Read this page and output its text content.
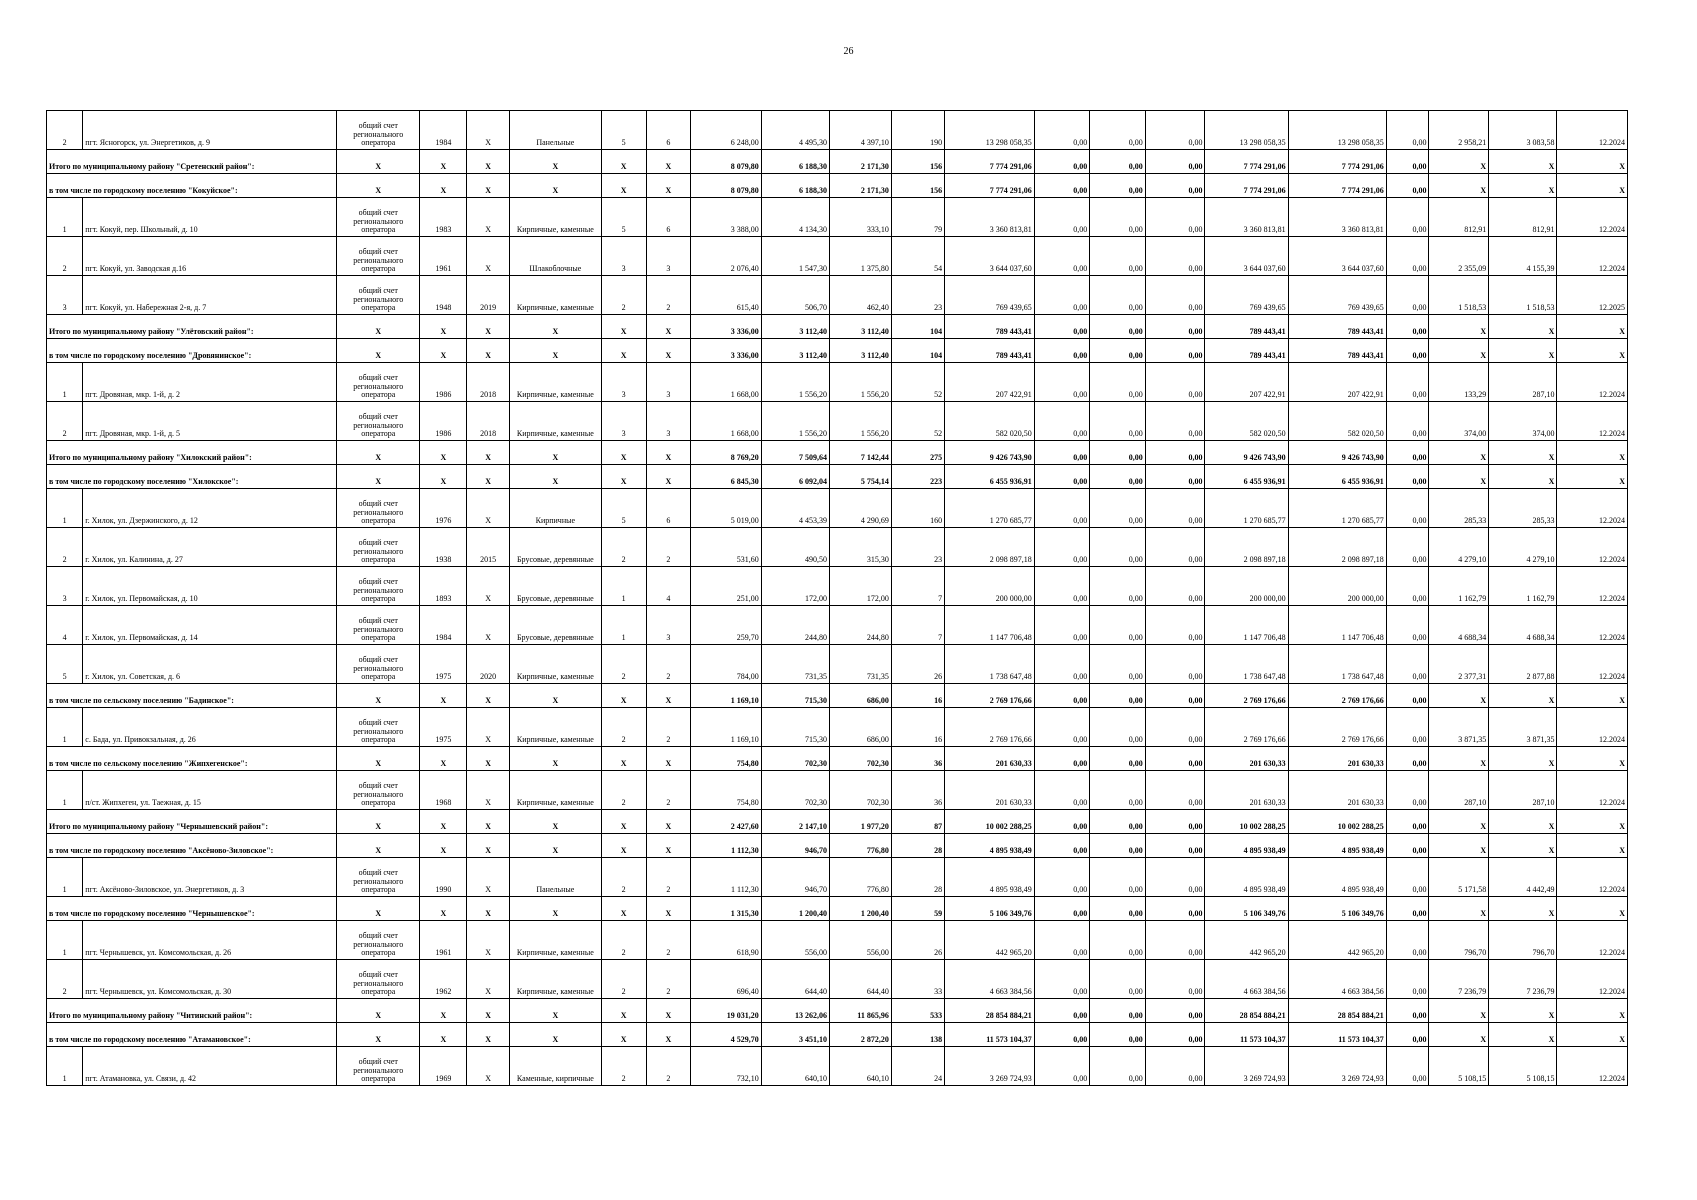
26
2	пгт. Ясногорск, ул. Энергетиков, д. 9	общий счет регионального оператора	1984	X	Панельные	5	6	6 248,00	4 495,30	4 397,10	190	13 298 058,35	0,00	0,00	0,00	13 298 058,35	13 298 058,35	0,00	2 958,21	3 083,58	12.2024
Итого по муниципальному району "Сретенский район":		X	X	X	X	X	X	8 079,80	6 188,30	2 171,30	156	7 774 291,06	0,00	0,00	0,00	7 774 291,06	7 774 291,06	0,00	X	X	X
в том числе по городскому поселению "Кокуйское":		X	X	X	X	X	X	8 079,80	6 188,30	2 171,30	156	7 774 291,06	0,00	0,00	0,00	7 774 291,06	7 774 291,06	0,00	X	X	X
1	пгт. Кокуй, пер. Школьный, д. 10	общий счет регионального оператора	1983	X	Кирпичные, каменные	5	6	3 388,00	4 134,30	333,10	79	3 360 813,81	0,00	0,00	0,00	3 360 813,81	3 360 813,81	0,00	812,91	812,91	12.2024
2	пгт. Кокуй, ул. Заводская д.16	общий счет регионального оператора	1961	X	Шлакоблочные	3	3	2 076,40	1 547,30	1 375,80	54	3 644 037,60	0,00	0,00	0,00	3 644 037,60	3 644 037,60	0,00	2 355,09	4 155,39	12.2024
3	пгт. Кокуй, ул. Набережная 2-я, д. 7	общий счет регионального оператора	1948	2019	Кирпичные, каменные	2	2	615,40	506,70	462,40	23	769 439,65	0,00	0,00	0,00	769 439,65	769 439,65	0,00	1 518,53	1 518,53	12.2025
Итого по муниципальному району "Улётовский район":		X	X	X	X	X	X	3 336,00	3 112,40	3 112,40	104	789 443,41	0,00	0,00	0,00	789 443,41	789 443,41	0,00	X	X	X
в том числе по городскому поселению "Дровянинское":		X	X	X	X	X	X	3 336,00	3 112,40	3 112,40	104	789 443,41	0,00	0,00	0,00	789 443,41	789 443,41	0,00	X	X	X
1	пгт. Дровяная, мкр. 1-й, д. 2	общий счет регионального оператора	1986	2018	Кирпичные, каменные	3	3	1 668,00	1 556,20	1 556,20	52	207 422,91	0,00	0,00	0,00	207 422,91	207 422,91	0,00	133,29	287,10	12.2024
2	пгт. Дровяная, мкр. 1-й, д. 5	общий счет регионального оператора	1986	2018	Кирпичные, каменные	3	3	1 668,00	1 556,20	1 556,20	52	582 020,50	0,00	0,00	0,00	582 020,50	582 020,50	0,00	374,00	374,00	12.2024
Итого по муниципальному району "Хилокский район":		X	X	X	X	X	X	8 769,20	7 509,64	7 142,44	275	9 426 743,90	0,00	0,00	0,00	9 426 743,90	9 426 743,90	0,00	X	X	X
в том числе по городскому поселению "Хилокское":		X	X	X	X	X	X	6 845,30	6 092,04	5 754,14	223	6 455 936,91	0,00	0,00	0,00	6 455 936,91	6 455 936,91	0,00	X	X	X
1	г. Хилок, ул. Дзержинского, д. 12	общий счет регионального оператора	1976	X	Кирпичные	5	6	5 019,00	4 453,39	4 290,69	160	1 270 685,77	0,00	0,00	0,00	1 270 685,77	1 270 685,77	0,00	285,33	285,33	12.2024
2	г. Хилок, ул. Калинина, д. 27	общий счет регионального оператора	1938	2015	Брусовые, деревянные	2	2	531,60	490,50	315,30	23	2 098 897,18	0,00	0,00	0,00	2 098 897,18	2 098 897,18	0,00	4 279,10	4 279,10	12.2024
3	г. Хилок, ул. Первомайская, д. 10	общий счет регионального оператора	1893	X	Брусовые, деревянные	1	4	251,00	172,00	172,00	7	200 000,00	0,00	0,00	0,00	200 000,00	200 000,00	0,00	1 162,79	1 162,79	12.2024
4	г. Хилок, ул. Первомайская, д. 14	общий счет регионального оператора	1984	X	Брусовые, деревянные	1	3	259,70	244,80	244,80	7	1 147 706,48	0,00	0,00	0,00	1 147 706,48	1 147 706,48	0,00	4 688,34	4 688,34	12.2024
5	г. Хилок, ул. Советская, д. 6	общий счет регионального оператора	1975	2020	Кирпичные, каменные	2	2	784,00	731,35	731,35	26	1 738 647,48	0,00	0,00	0,00	1 738 647,48	1 738 647,48	0,00	2 377,31	2 877,88	12.2024
в том числе по сельскому поселению "Бадинское":		X	X	X	X	X	X	1 169,10	715,30	686,00	16	2 769 176,66	0,00	0,00	0,00	2 769 176,66	2 769 176,66	0,00	X	X	X
1	с. Бада, ул. Привокзальная, д. 26	общий счет регионального оператора	1975	X	Кирпичные, каменные	2	2	1 169,10	715,30	686,00	16	2 769 176,66	0,00	0,00	0,00	2 769 176,66	2 769 176,66	0,00	3 871,35	3 871,35	12.2024
в том числе по сельскому поселению "Жипхегенское":		X	X	X	X	X	X	754,80	702,30	702,30	36	201 630,33	0,00	0,00	0,00	201 630,33	201 630,33	0,00	X	X	X
1	п/ст. Жипхеген, ул. Таежная, д. 15	общий счет регионального оператора	1968	X	Кирпичные, каменные	2	2	754,80	702,30	702,30	36	201 630,33	0,00	0,00	0,00	201 630,33	201 630,33	0,00	287,10	287,10	12.2024
Итого по муниципальному району "Чернышевский район":		X	X	X	X	X	X	2 427,60	2 147,10	1 977,20	87	10 002 288,25	0,00	0,00	0,00	10 002 288,25	10 002 288,25	0,00	X	X	X
в том числе по городскому поселению "Аксёново-Зиловское":		X	X	X	X	X	X	1 112,30	946,70	776,80	28	4 895 938,49	0,00	0,00	0,00	4 895 938,49	4 895 938,49	0,00	X	X	X
1	пгт. Аксёново-Зиловское, ул. Энергетиков, д. 3	общий счет регионального оператора	1990	X	Панельные	2	2	1 112,30	946,70	776,80	28	4 895 938,49	0,00	0,00	0,00	4 895 938,49	4 895 938,49	0,00	5 171,58	4 442,49	12.2024
в том числе по городскому поселению "Чернышевское":		X	X	X	X	X	X	1 315,30	1 200,40	1 200,40	59	5 106 349,76	0,00	0,00	0,00	5 106 349,76	5 106 349,76	0,00	X	X	X
1	пгт. Чернышевск, ул. Комсомольская, д. 26	общий счет регионального оператора	1961	X	Кирпичные, каменные	2	2	618,90	556,00	556,00	26	442 965,20	0,00	0,00	0,00	442 965,20	442 965,20	0,00	796,70	796,70	12.2024
2	пгт. Чернышевск, ул. Комсомольская, д. 30	общий счет регионального оператора	1962	X	Кирпичные, каменные	2	2	696,40	644,40	644,40	33	4 663 384,56	0,00	0,00	0,00	4 663 384,56	4 663 384,56	0,00	7 236,79	7 236,79	12.2024
Итого по муниципальному району "Читинский район":		X	X	X	X	X	X	19 031,20	13 262,06	11 865,96	533	28 854 884,21	0,00	0,00	0,00	28 854 884,21	28 854 884,21	0,00	X	X	X
в том числе по городскому поселению "Атамановское":		X	X	X	X	X	X	4 529,70	3 451,10	2 872,20	138	11 573 104,37	0,00	0,00	0,00	11 573 104,37	11 573 104,37	0,00	X	X	X
1	пгт. Атамановка, ул. Связи, д. 42	общий счет регионального оператора	1969	X	Каменные, кирпичные	2	2	732,10	640,10	640,10	24	3 269 724,93	0,00	0,00	0,00	3 269 724,93	3 269 724,93	0,00	5 108,15	5 108,15	12.2024
